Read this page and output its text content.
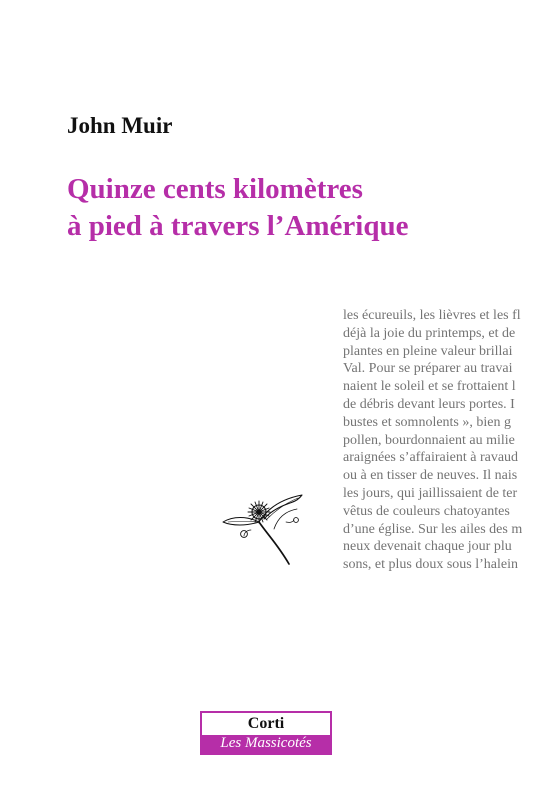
John Muir
Quinze cents kilomètres
à pied à travers l’Amérique
les écureuils, les lièvres et les fl
déjà la joie du printemps, et de
plantes en pleine valeur brillai
Val. Pour se préparer au travai
naient le soleil et se frottaient l
de débris devant leurs portes. I
bustes et somnolents », bien g
pollen, bourdonnaient au milie
araignées s’affairaient à ravaud
ou à en tisser de neuves. Il nais
les jours, qui jaillissaient de ter
vêtus de couleurs chatoyantes
d’une église. Sur les ailes des m
neux devenait chaque jour plu
sons, et plus doux sous l’halein
Corti
Les Massicotés
